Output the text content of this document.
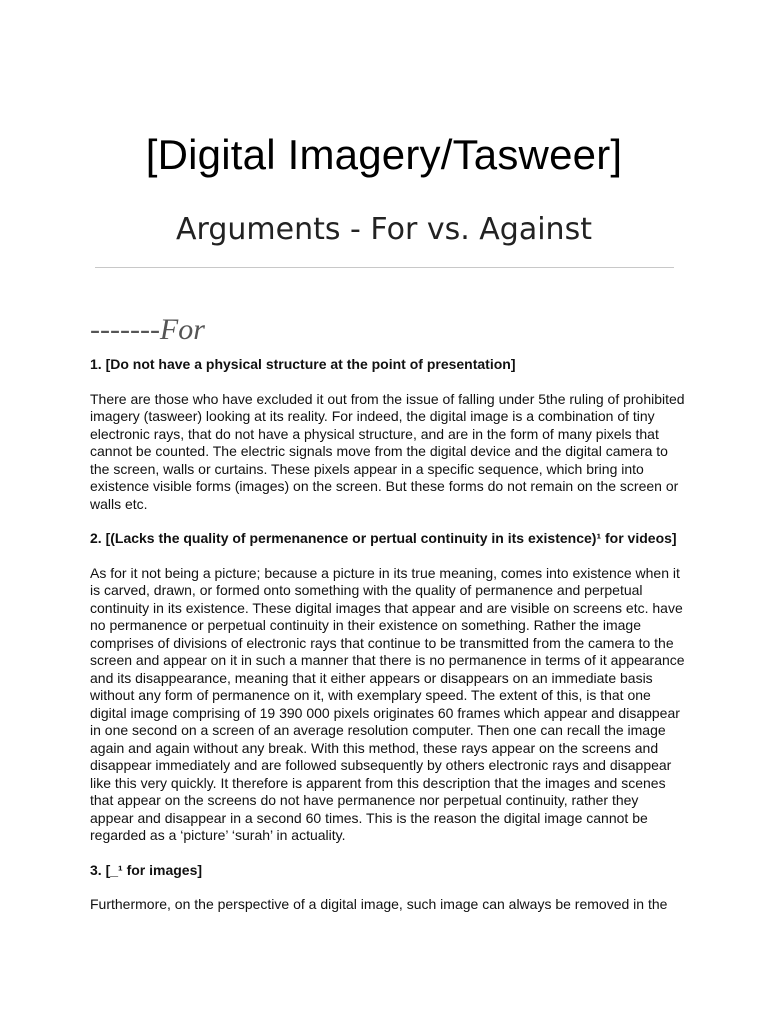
[Digital Imagery/Tasweer]
Arguments - For vs. Against
-------For

1. [Do not have a physical structure at the point of presentation]

There are those who have excluded it out from the issue of falling under 5the ruling of prohibited imagery (tasweer) looking at its reality. For indeed, the digital image is a combination of tiny electronic rays, that do not have a physical structure, and are in the form of many pixels that cannot be counted. The electric signals move from the digital device and the digital camera to the screen, walls or curtains. These pixels appear in a specific sequence, which bring into existence visible forms (images) on the screen. But these forms do not remain on the screen or walls etc.

2. [(Lacks the quality of permenanence or pertual continuity in its existence)¹ for videos]

As for it not being a picture; because a picture in its true meaning, comes into existence when it is carved, drawn, or formed onto something with the quality of permanence and perpetual continuity in its existence. These digital images that appear and are visible on screens etc. have no permanence or perpetual continuity in their existence on something. Rather the image comprises of divisions of electronic rays that continue to be transmitted from the camera to the screen and appear on it in such a manner that there is no permanence in terms of it appearance and its disappearance, meaning that it either appears or disappears on an immediate basis without any form of permanence on it, with exemplary speed. The extent of this, is that one digital image comprising of 19 390 000 pixels originates 60 frames which appear and disappear in one second on a screen of an average resolution computer. Then one can recall the image again and again without any break. With this method, these rays appear on the screens and disappear immediately and are followed subsequently by others electronic rays and disappear like this very quickly. It therefore is apparent from this description that the images and scenes that appear on the screens do not have permanence nor perpetual continuity, rather they appear and disappear in a second 60 times. This is the reason the digital image cannot be regarded as a ‘picture’ ‘surah’ in actuality.

3. [_¹ for images]

Furthermore, on the perspective of a digital image, such image can always be removed in the
